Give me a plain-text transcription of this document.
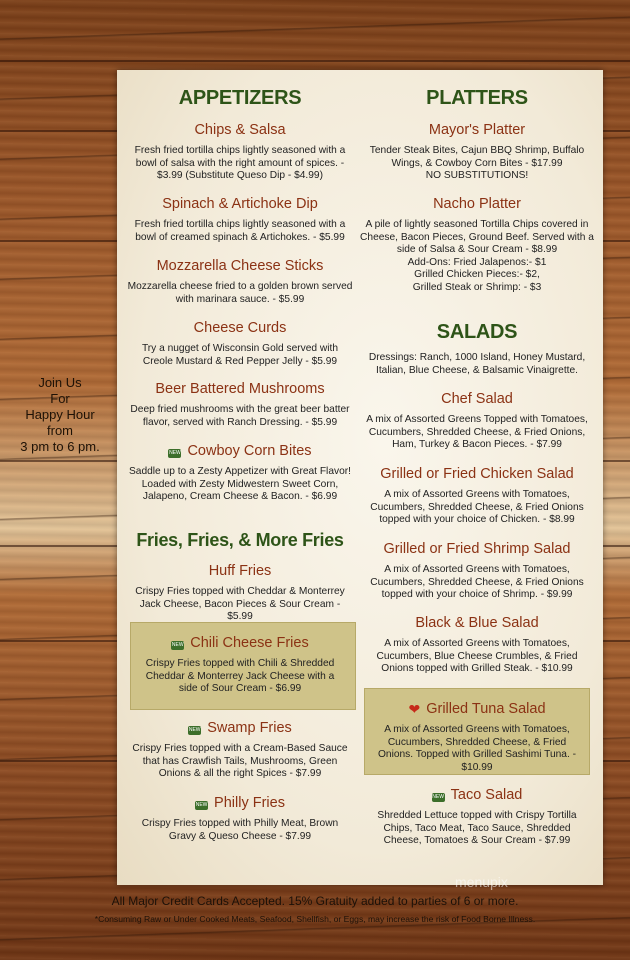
Join Us
For
Happy Hour
from
3 pm to 6 pm.
APPETIZERS

Chips & Salsa

Fresh fried tortilla chips lightly seasoned with a bowl of salsa with the right amount of spices. - $3.99 (Substitute Queso Dip - $4.99)

Spinach & Artichoke Dip

Fresh fried tortilla chips lightly seasoned with a bowl of creamed spinach & Artichokes. - $5.99

Mozzarella Cheese Sticks

Mozzarella cheese fried to a golden brown served with marinara sauce. - $5.99

Cheese Curds

Try a nugget of Wisconsin Gold served with Creole Mustard & Red Pepper Jelly - $5.99

Beer Battered Mushrooms

Deep fried mushrooms with the great beer batter flavor, served with Ranch Dressing. - $5.99

NEW Cowboy Corn Bites

Saddle up to a Zesty Appetizer with Great Flavor! Loaded with Zesty Midwestern Sweet Corn, Jalapeno, Cream Cheese & Bacon. - $6.99

Fries, Fries, & More Fries

Huff Fries

Crispy Fries topped with Cheddar & Monterrey Jack Cheese, Bacon Pieces & Sour Cream - $5.99

NEW Chili Cheese Fries

Crispy Fries topped with Chili & Shredded Cheddar & Monterrey Jack Cheese with a side of Sour Cream - $6.99

NEW Swamp Fries

Crispy Fries topped with a Cream-Based Sauce that has Crawfish Tails, Mushrooms, Green Onions & all the right Spices - $7.99

NEW Philly Fries

Crispy Fries topped with Philly Meat, Brown Gravy & Queso Cheese - $7.99

PLATTERS

Mayor's Platter

Tender Steak Bites, Cajun BBQ Shrimp, Buffalo Wings, & Cowboy Corn Bites - $17.99

NO SUBSTITUTIONS!

Nacho Platter

A pile of lightly seasoned Tortilla Chips covered in Cheese, Bacon Pieces, Ground Beef. Served with a side of Salsa & Sour Cream - $8.99

Add-Ons: Fried Jalapenos:- $1

Grilled Chicken Pieces:- $2,

Grilled Steak or Shrimp: - $3

SALADS

Dressings: Ranch, 1000 Island, Honey Mustard, Italian, Blue Cheese, & Balsamic Vinaigrette.

Chef Salad

A mix of Assorted Greens Topped with Tomatoes, Cucumbers, Shredded Cheese, & Fried Onions, Ham, Turkey & Bacon Pieces. - $7.99

Grilled or Fried Chicken Salad

A mix of Assorted Greens with Tomatoes, Cucumbers, Shredded Cheese, & Fried Onions topped with your choice of Chicken. - $8.99

Grilled or Fried Shrimp Salad

A mix of Assorted Greens with Tomatoes, Cucumbers, Shredded Cheese, & Fried Onions topped with your choice of Shrimp. - $9.99

Black & Blue Salad

A mix of Assorted Greens with Tomatoes, Cucumbers, Blue Cheese Crumbles, & Fried Onions topped with Grilled Steak. - $10.99

❤ Grilled Tuna Salad

A mix of Assorted Greens with Tomatoes, Cucumbers, Shredded Cheese, & Fried Onions. Topped with Grilled Sashimi Tuna. - $10.99

NEW Taco Salad

Shredded Lettuce topped with Crispy Tortilla Chips, Taco Meat, Taco Sauce, Shredded Cheese, Tomatoes & Sour Cream - $7.99

menupix
All Major Credit Cards Accepted. 15% Gratuity added to parties of 6 or more.
*Consuming Raw or Under Cooked Meats, Seafood, Shellfish, or Eggs, may increase the risk of Food Borne Illness.
